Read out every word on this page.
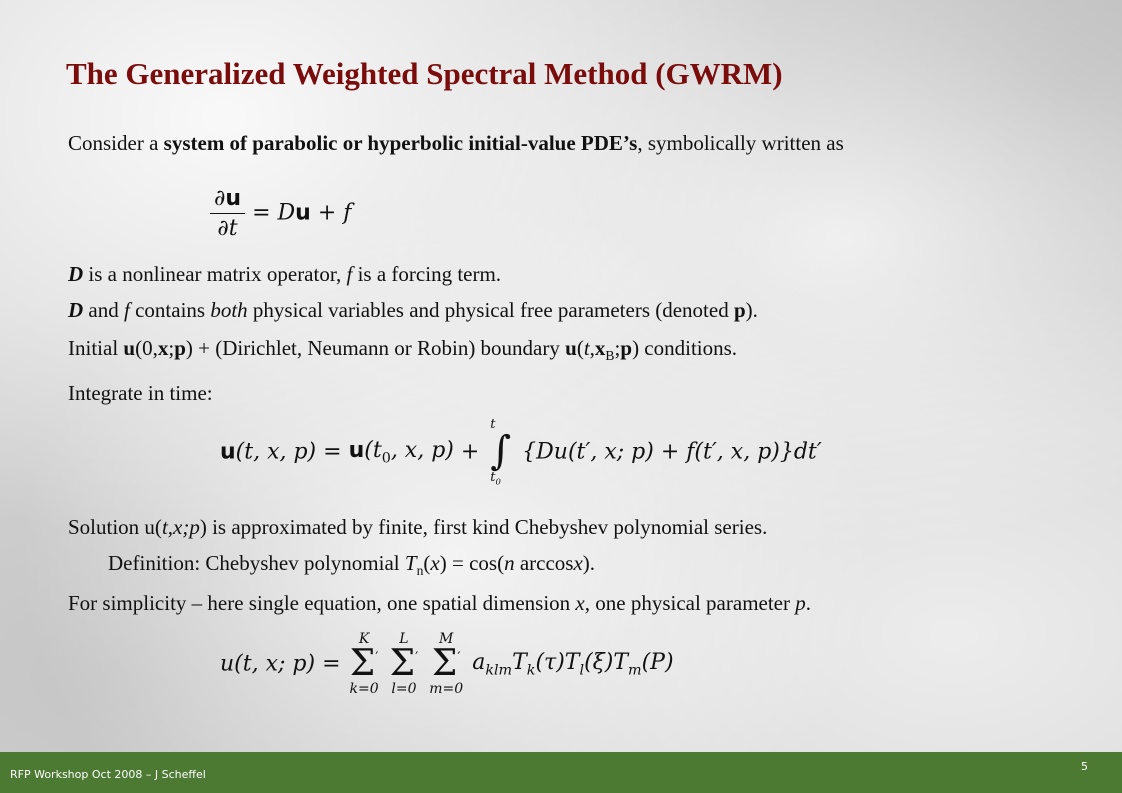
The Generalized Weighted Spectral Method (GWRM)
Consider a system of parabolic or hyperbolic initial-value PDE’s, symbolically written as
$\frac{\partial u}{\partial t} = Du + f$
D is a nonlinear matrix operator, f is a forcing term.
D and f contains both physical variables and physical free parameters (denoted p).
Initial u(0,x;p) + (Dirichlet, Neumann or Robin) boundary $u(t,x_B;p)$ conditions.
Integrate in time:
u(t, x, $p) = u(t_0$, x, p) +
t
∫
$t_0$
{Du(t′, x; p) + f(t′, x, p)}dt′
Solution u(t,x;p) is approximated by finite, first kind Chebyshev polynomial series.
Definition: Chebyshev polynomial $T_n(x) = \cos(n$ arccosx).
For simplicity – here single equation, one spatial dimension x, one physical parameter p.
u(t, x; p) =
K
Σ′
k=0

L
Σ′
l=0

M
Σ′
m=0
$a_{klm}T_k(\tau)T_l(\xi)T_m(P)$
RFP Workshop Oct 2008 – J Scheffel
5
